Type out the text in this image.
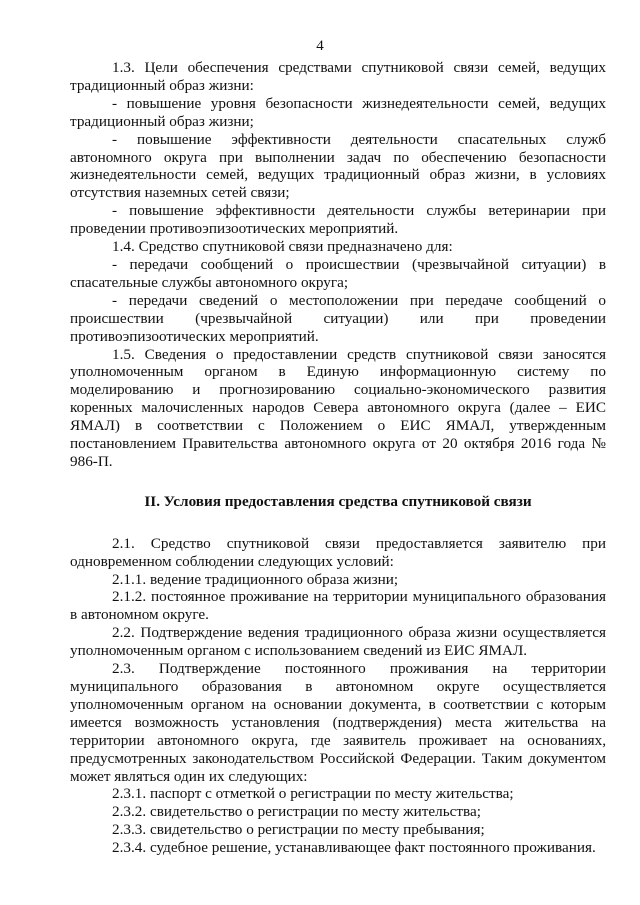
4

1.3. Цели обеспечения средствами спутниковой связи семей, ведущих традиционный образ жизни:

- повышение уровня безопасности жизнедеятельности семей, ведущих традиционный образ жизни;

- повышение эффективности деятельности спасательных служб автономного округа при выполнении задач по обеспечению безопасности жизнедеятельности семей, ведущих традиционный образ жизни, в условиях отсутствия наземных сетей связи;

- повышение эффективности деятельности службы ветеринарии при проведении противоэпизоотических мероприятий.

1.4. Средство спутниковой связи предназначено для:

- передачи сообщений о происшествии (чрезвычайной ситуации) в спасательные службы автономного округа;

- передачи сведений о местоположении при передаче сообщений о происшествии (чрезвычайной ситуации) или при проведении противоэпизоотических мероприятий.

1.5. Сведения о предоставлении средств спутниковой связи заносятся уполномоченным органом в Единую информационную систему по моделированию и прогнозированию социально-экономического развития коренных малочисленных народов Севера автономного округа (далее – ЕИС ЯМАЛ) в соответствии с Положением о ЕИС ЯМАЛ, утвержденным постановлением Правительства автономного округа от 20 октября 2016 года № 986-П.

II. Условия предоставления средства спутниковой связи

2.1. Средство спутниковой связи предоставляется заявителю при одновременном соблюдении следующих условий:

2.1.1. ведение традиционного образа жизни;

2.1.2. постоянное проживание на территории муниципального образования в автономном округе.

2.2. Подтверждение ведения традиционного образа жизни осуществляется уполномоченным органом с использованием сведений из ЕИС ЯМАЛ.

2.3. Подтверждение постоянного проживания на территории муниципального образования в автономном округе осуществляется уполномоченным органом на основании документа, в соответствии с которым имеется возможность установления (подтверждения) места жительства на территории автономного округа, где заявитель проживает на основаниях, предусмотренных законодательством Российской Федерации. Таким документом может являться один их следующих:

2.3.1. паспорт с отметкой о регистрации по месту жительства;

2.3.2. свидетельство о регистрации по месту жительства;

2.3.3. свидетельство о регистрации по месту пребывания;

2.3.4. судебное решение, устанавливающее факт постоянного проживания.
